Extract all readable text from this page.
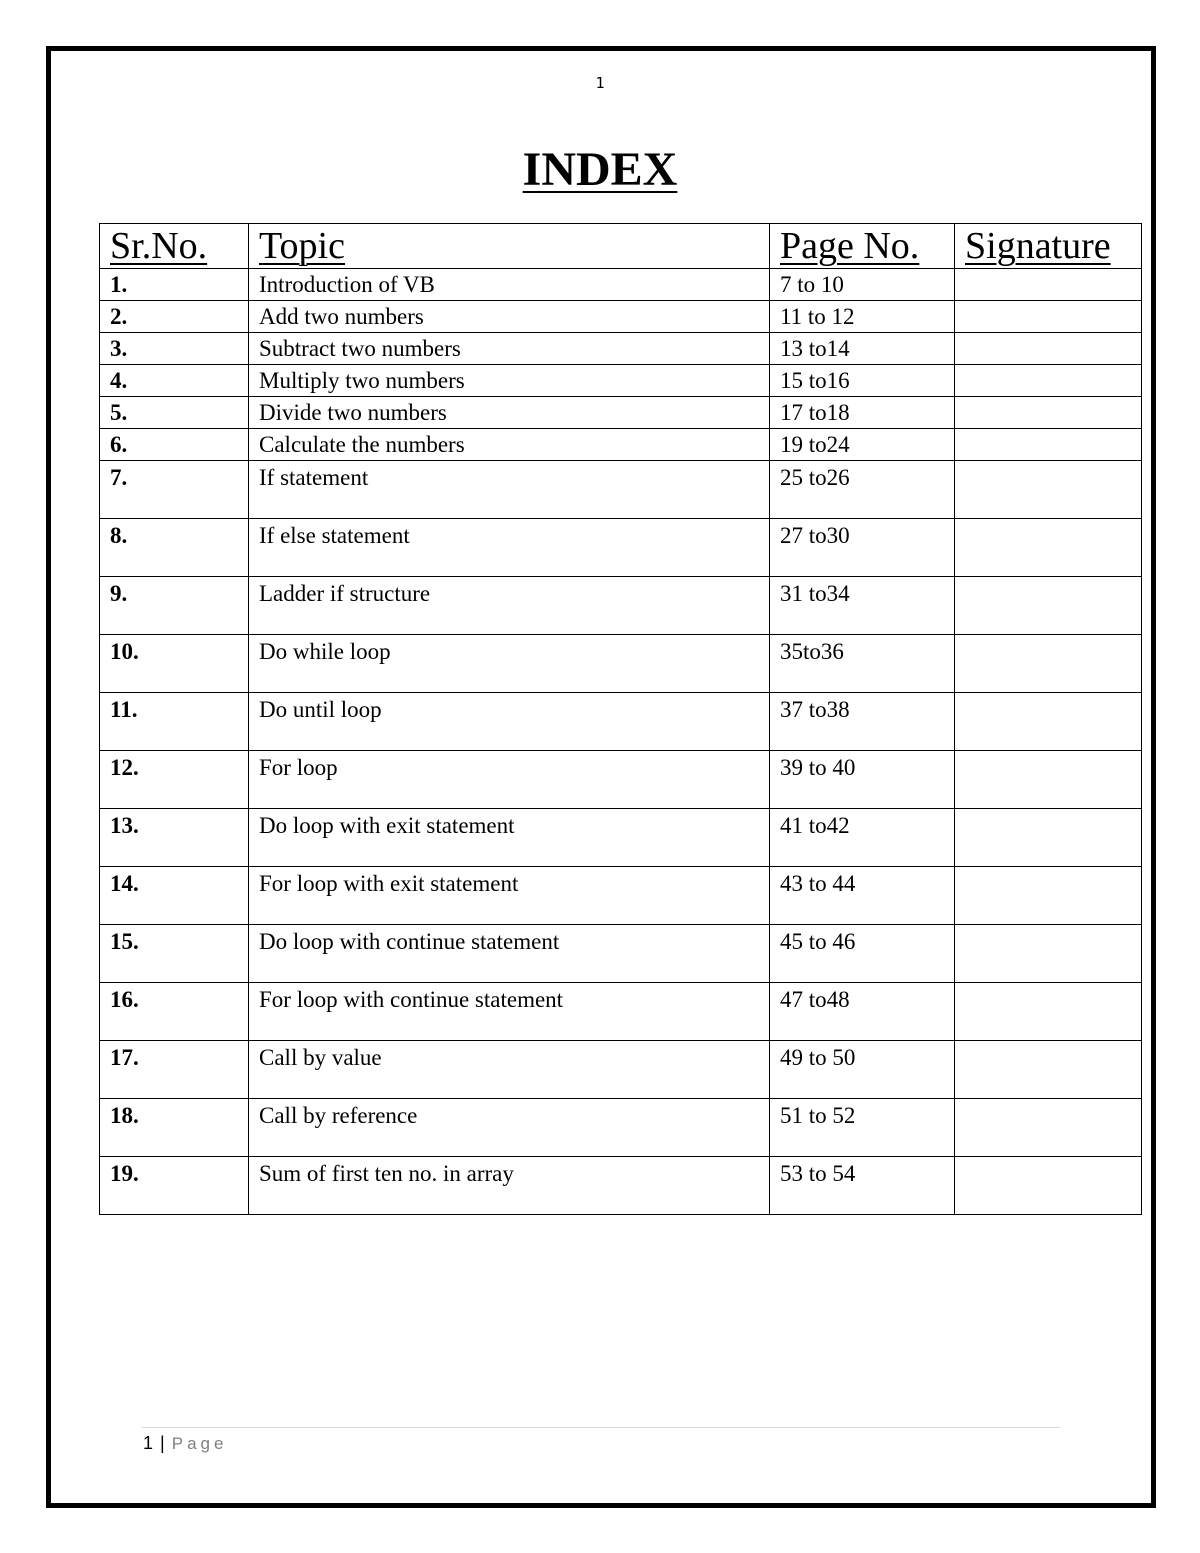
1
INDEX
Sr.No.	Topic	Page No.	Signature
1.	Introduction of VB	7 to 10	
2.	Add two numbers	11 to 12	
3.	Subtract two numbers	13 to14	
4.	Multiply two numbers	15 to16	
5.	Divide two numbers	17 to18	
6.	Calculate the numbers	19 to24	
7.	If statement	25 to26	
8.	If else statement	27 to30	
9.	Ladder if structure	31 to34	
10.	Do while loop	35to36	
11.	Do until loop	37 to38	
12.	For loop	39 to 40	
13.	Do loop with exit statement	41 to42	
14.	For loop with exit statement	43 to 44	
15.	Do loop with continue statement	45 to 46	
16.	For loop with continue statement	47 to48	
17.	Call by value	49 to 50	
18.	Call by reference	51 to 52	
19.	Sum of first ten no. in array	53 to 54	
1 | Page
